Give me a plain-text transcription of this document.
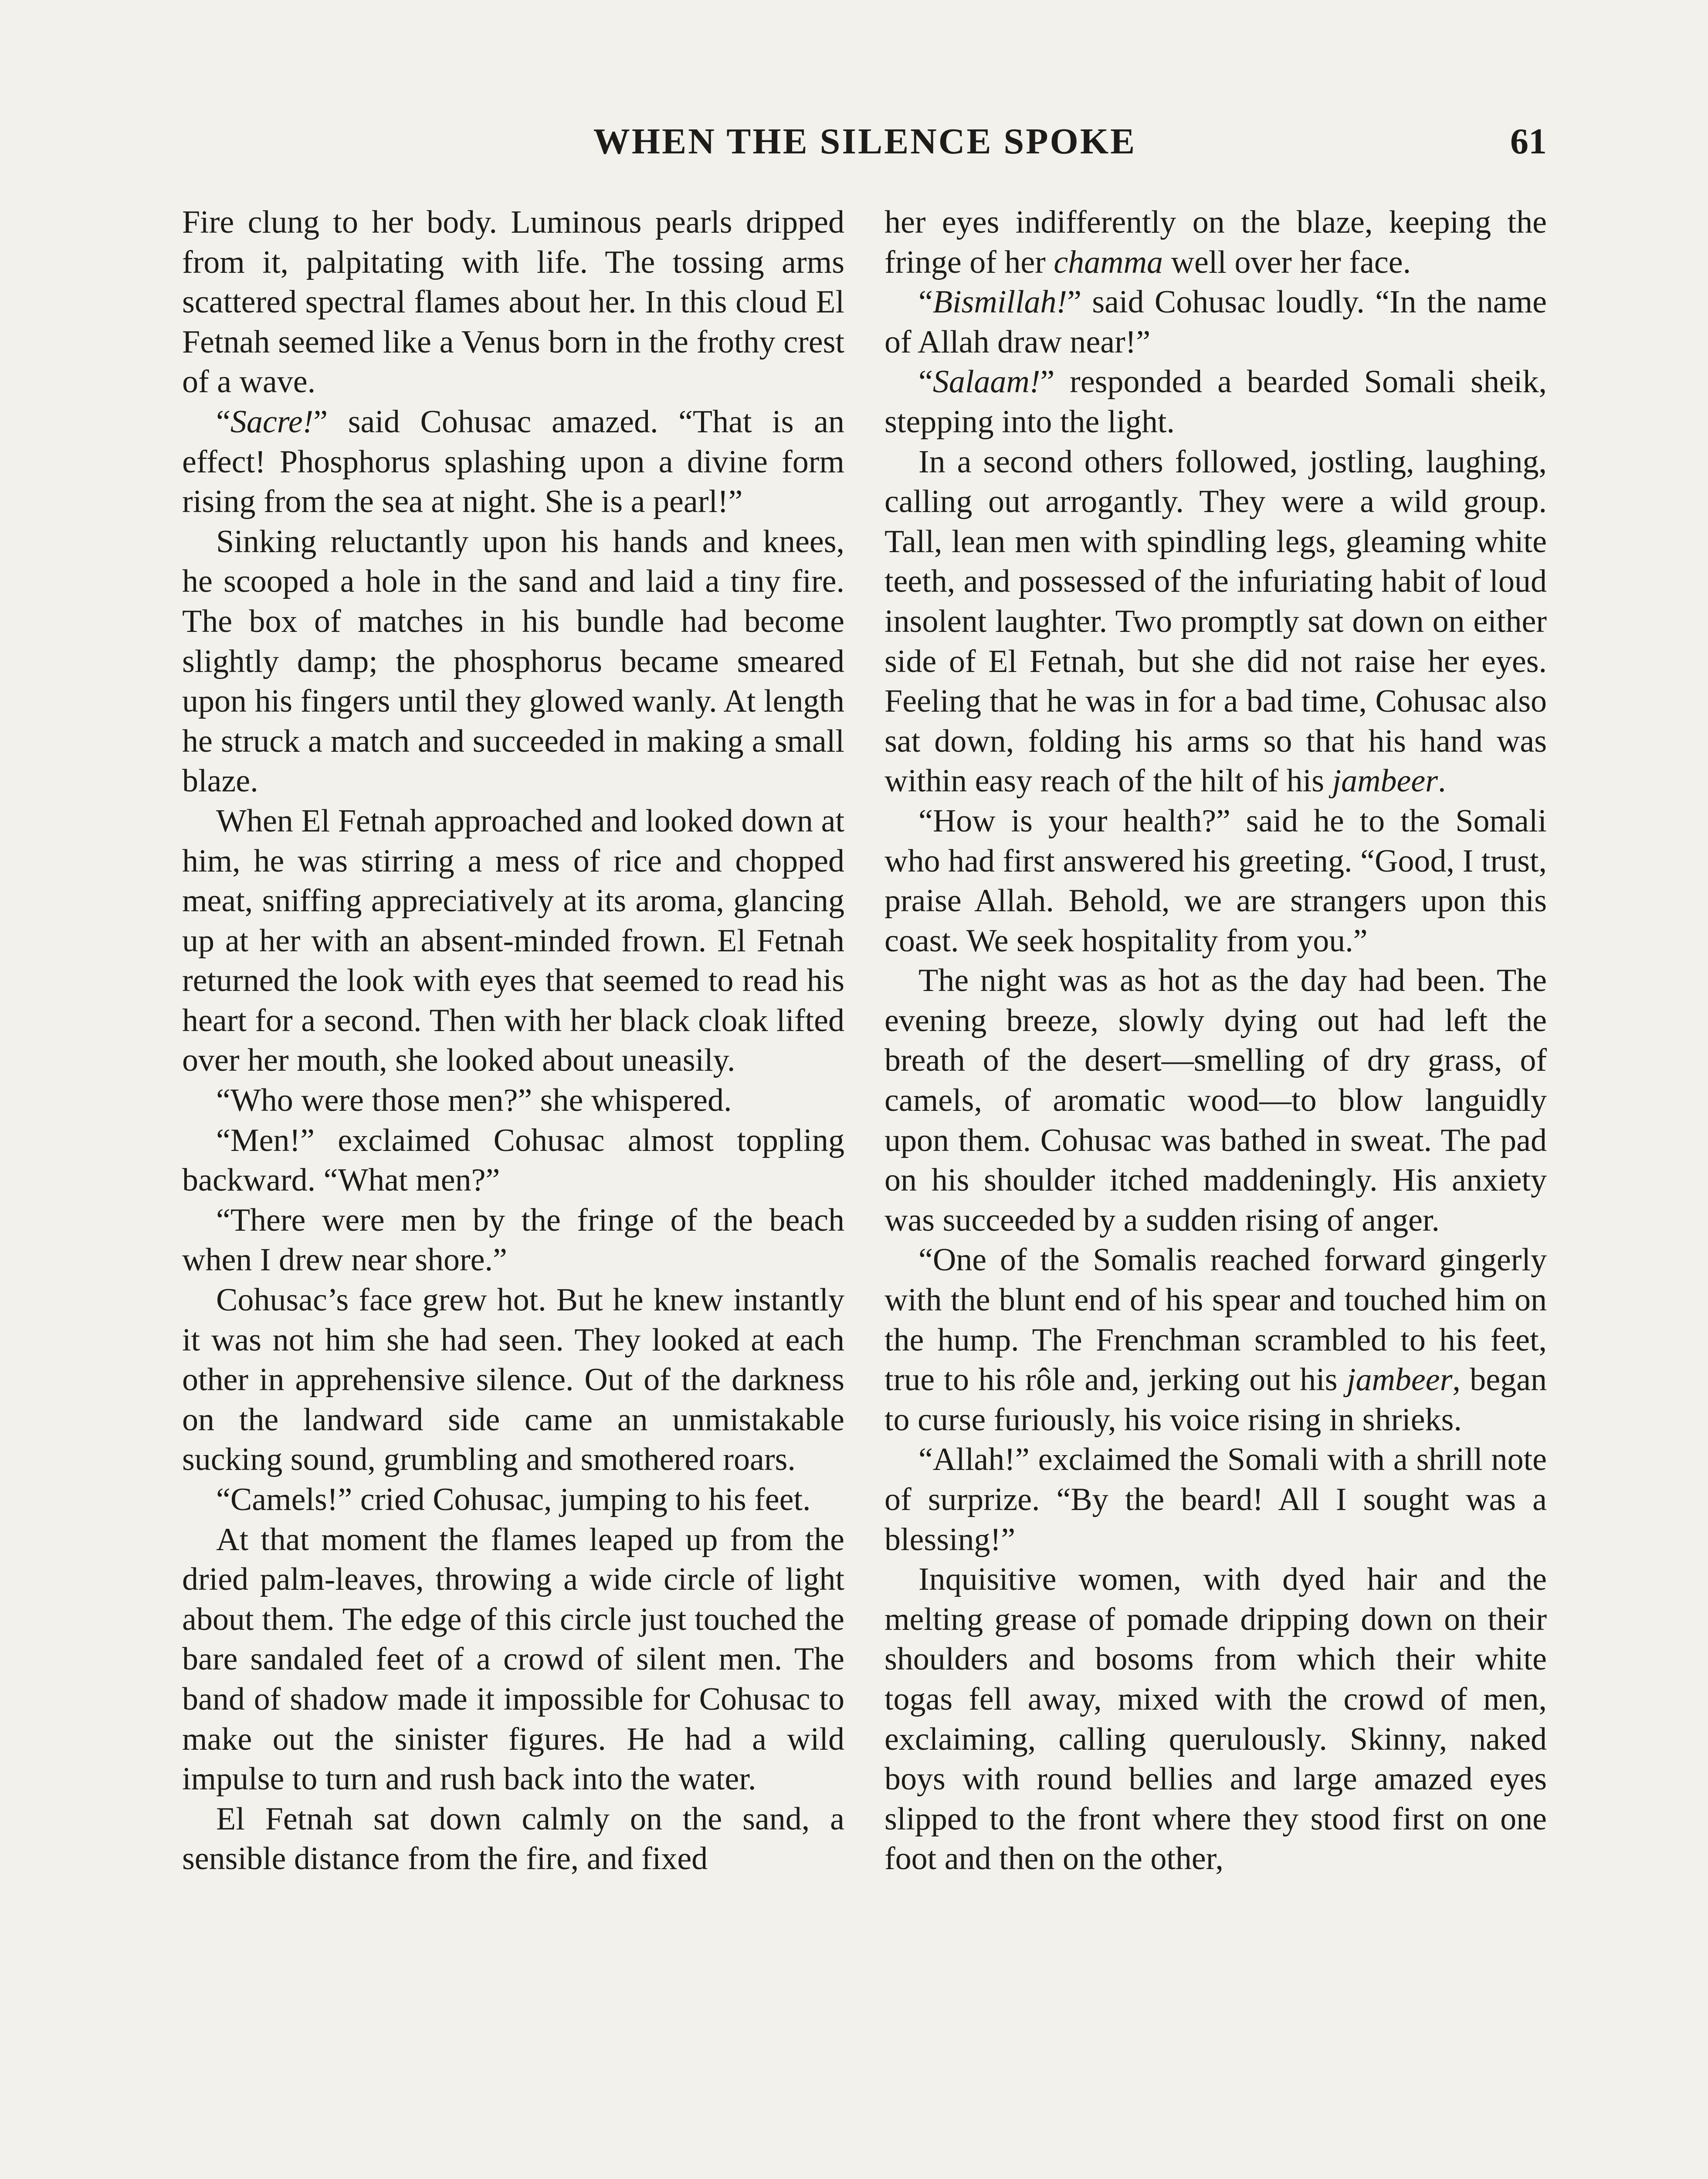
WHEN THE SILENCE SPOKE	61

Fire clung to her body. Luminous pearls dripped from it, palpitating with life. The tossing arms scattered spectral flames about her. In this cloud El Fetnah seemed like a Venus born in the frothy crest of a wave.

“Sacre!” said Cohusac amazed. “That is an effect! Phosphorus splashing upon a divine form rising from the sea at night. She is a pearl!”

Sinking reluctantly upon his hands and knees, he scooped a hole in the sand and laid a tiny fire. The box of matches in his bundle had become slightly damp; the phosphorus became smeared upon his fingers until they glowed wanly. At length he struck a match and succeeded in making a small blaze.

When El Fetnah approached and looked down at him, he was stirring a mess of rice and chopped meat, sniffing appreciatively at its aroma, glancing up at her with an absent-minded frown. El Fetnah returned the look with eyes that seemed to read his heart for a second. Then with her black cloak lifted over her mouth, she looked about uneasily.

“Who were those men?” she whispered.

“Men!” exclaimed Cohusac almost toppling backward. “What men?”

“There were men by the fringe of the beach when I drew near shore.”

Cohusac’s face grew hot. But he knew instantly it was not him she had seen. They looked at each other in apprehensive silence. Out of the darkness on the landward side came an unmistakable sucking sound, grumbling and smothered roars.

“Camels!” cried Cohusac, jumping to his feet.

At that moment the flames leaped up from the dried palm-leaves, throwing a wide circle of light about them. The edge of this circle just touched the bare sandaled feet of a crowd of silent men. The band of shadow made it impossible for Cohusac to make out the sinister figures. He had a wild impulse to turn and rush back into the water.

El Fetnah sat down calmly on the sand, a sensible distance from the fire, and fixed

her eyes indifferently on the blaze, keeping the fringe of her chamma well over her face.

“Bismillah!” said Cohusac loudly. “In the name of Allah draw near!”

“Salaam!” responded a bearded Somali sheik, stepping into the light.

In a second others followed, jostling, laughing, calling out arrogantly. They were a wild group. Tall, lean men with spindling legs, gleaming white teeth, and possessed of the infuriating habit of loud insolent laughter. Two promptly sat down on either side of El Fetnah, but she did not raise her eyes. Feeling that he was in for a bad time, Cohusac also sat down, folding his arms so that his hand was within easy reach of the hilt of his jambeer.

“How is your health?” said he to the Somali who had first answered his greeting. “Good, I trust, praise Allah. Behold, we are strangers upon this coast. We seek hospitality from you.”

The night was as hot as the day had been. The evening breeze, slowly dying out had left the breath of the desert—smelling of dry grass, of camels, of aromatic wood—to blow languidly upon them. Cohusac was bathed in sweat. The pad on his shoulder itched maddeningly. His anxiety was succeeded by a sudden rising of anger.

“One of the Somalis reached forward gingerly with the blunt end of his spear and touched him on the hump. The Frenchman scrambled to his feet, true to his rôle and, jerking out his jambeer, began to curse furiously, his voice rising in shrieks.

“Allah!” exclaimed the Somali with a shrill note of surprize. “By the beard! All I sought was a blessing!”

Inquisitive women, with dyed hair and the melting grease of pomade dripping down on their shoulders and bosoms from which their white togas fell away, mixed with the crowd of men, exclaiming, calling querulously. Skinny, naked boys with round bellies and large amazed eyes slipped to the front where they stood first on one foot and then on the other,
